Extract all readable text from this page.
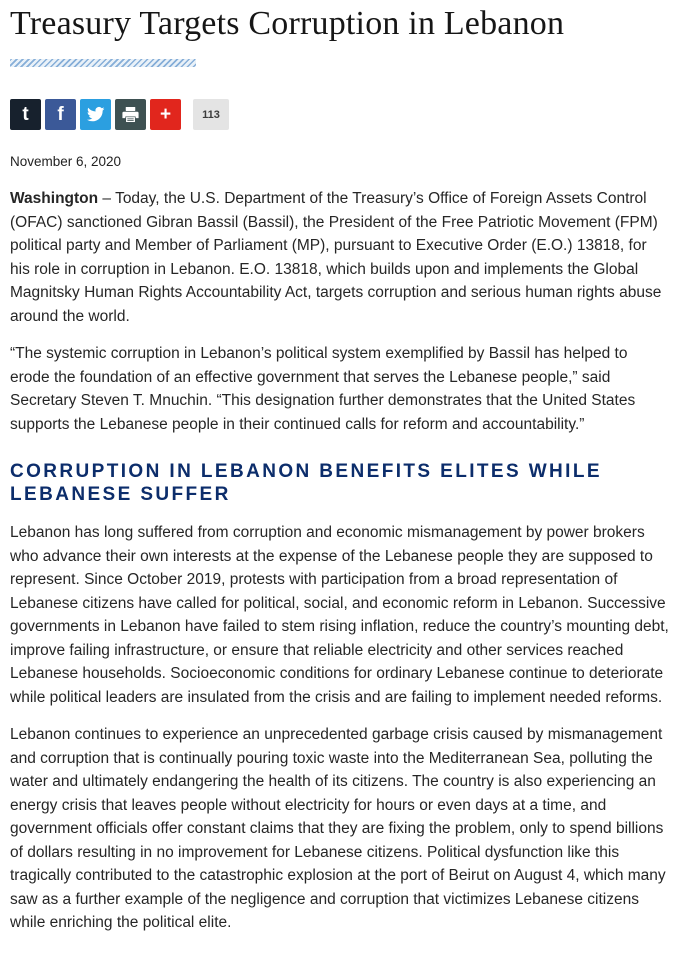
Treasury Targets Corruption in Lebanon
t f	+	113
November 6, 2020

Washington – Today, the U.S. Department of the Treasury’s Office of Foreign Assets Control (OFAC) sanctioned Gibran Bassil (Bassil), the President of the Free Patriotic Movement (FPM) political party and Member of Parliament (MP), pursuant to Executive Order (E.O.) 13818, for his role in corruption in Lebanon. E.O. 13818, which builds upon and implements the Global Magnitsky Human Rights Accountability Act, targets corruption and serious human rights abuse around the world.

“The systemic corruption in Lebanon’s political system exemplified by Bassil has helped to erode the foundation of an effective government that serves the Lebanese people,” said Secretary Steven T. Mnuchin. “This designation further demonstrates that the United States supports the Lebanese people in their continued calls for reform and accountability.”

CORRUPTION IN LEBANON BENEFITS ELITES WHILE LEBANESE SUFFER

Lebanon has long suffered from corruption and economic mismanagement by power brokers who advance their own interests at the expense of the Lebanese people they are supposed to represent. Since October 2019, protests with participation from a broad representation of Lebanese citizens have called for political, social, and economic reform in Lebanon. Successive governments in Lebanon have failed to stem rising inflation, reduce the country’s mounting debt, improve failing infrastructure, or ensure that reliable electricity and other services reached Lebanese households. Socioeconomic conditions for ordinary Lebanese continue to deteriorate while political leaders are insulated from the crisis and are failing to implement needed reforms.

Lebanon continues to experience an unprecedented garbage crisis caused by mismanagement and corruption that is continually pouring toxic waste into the Mediterranean Sea, polluting the water and ultimately endangering the health of its citizens. The country is also experiencing an energy crisis that leaves people without electricity for hours or even days at a time, and government officials offer constant claims that they are fixing the problem, only to spend billions of dollars resulting in no improvement for Lebanese citizens. Political dysfunction like this tragically contributed to the catastrophic explosion at the port of Beirut on August 4, which many saw as a further example of the negligence and corruption that victimizes Lebanese citizens while enriching the political elite.
